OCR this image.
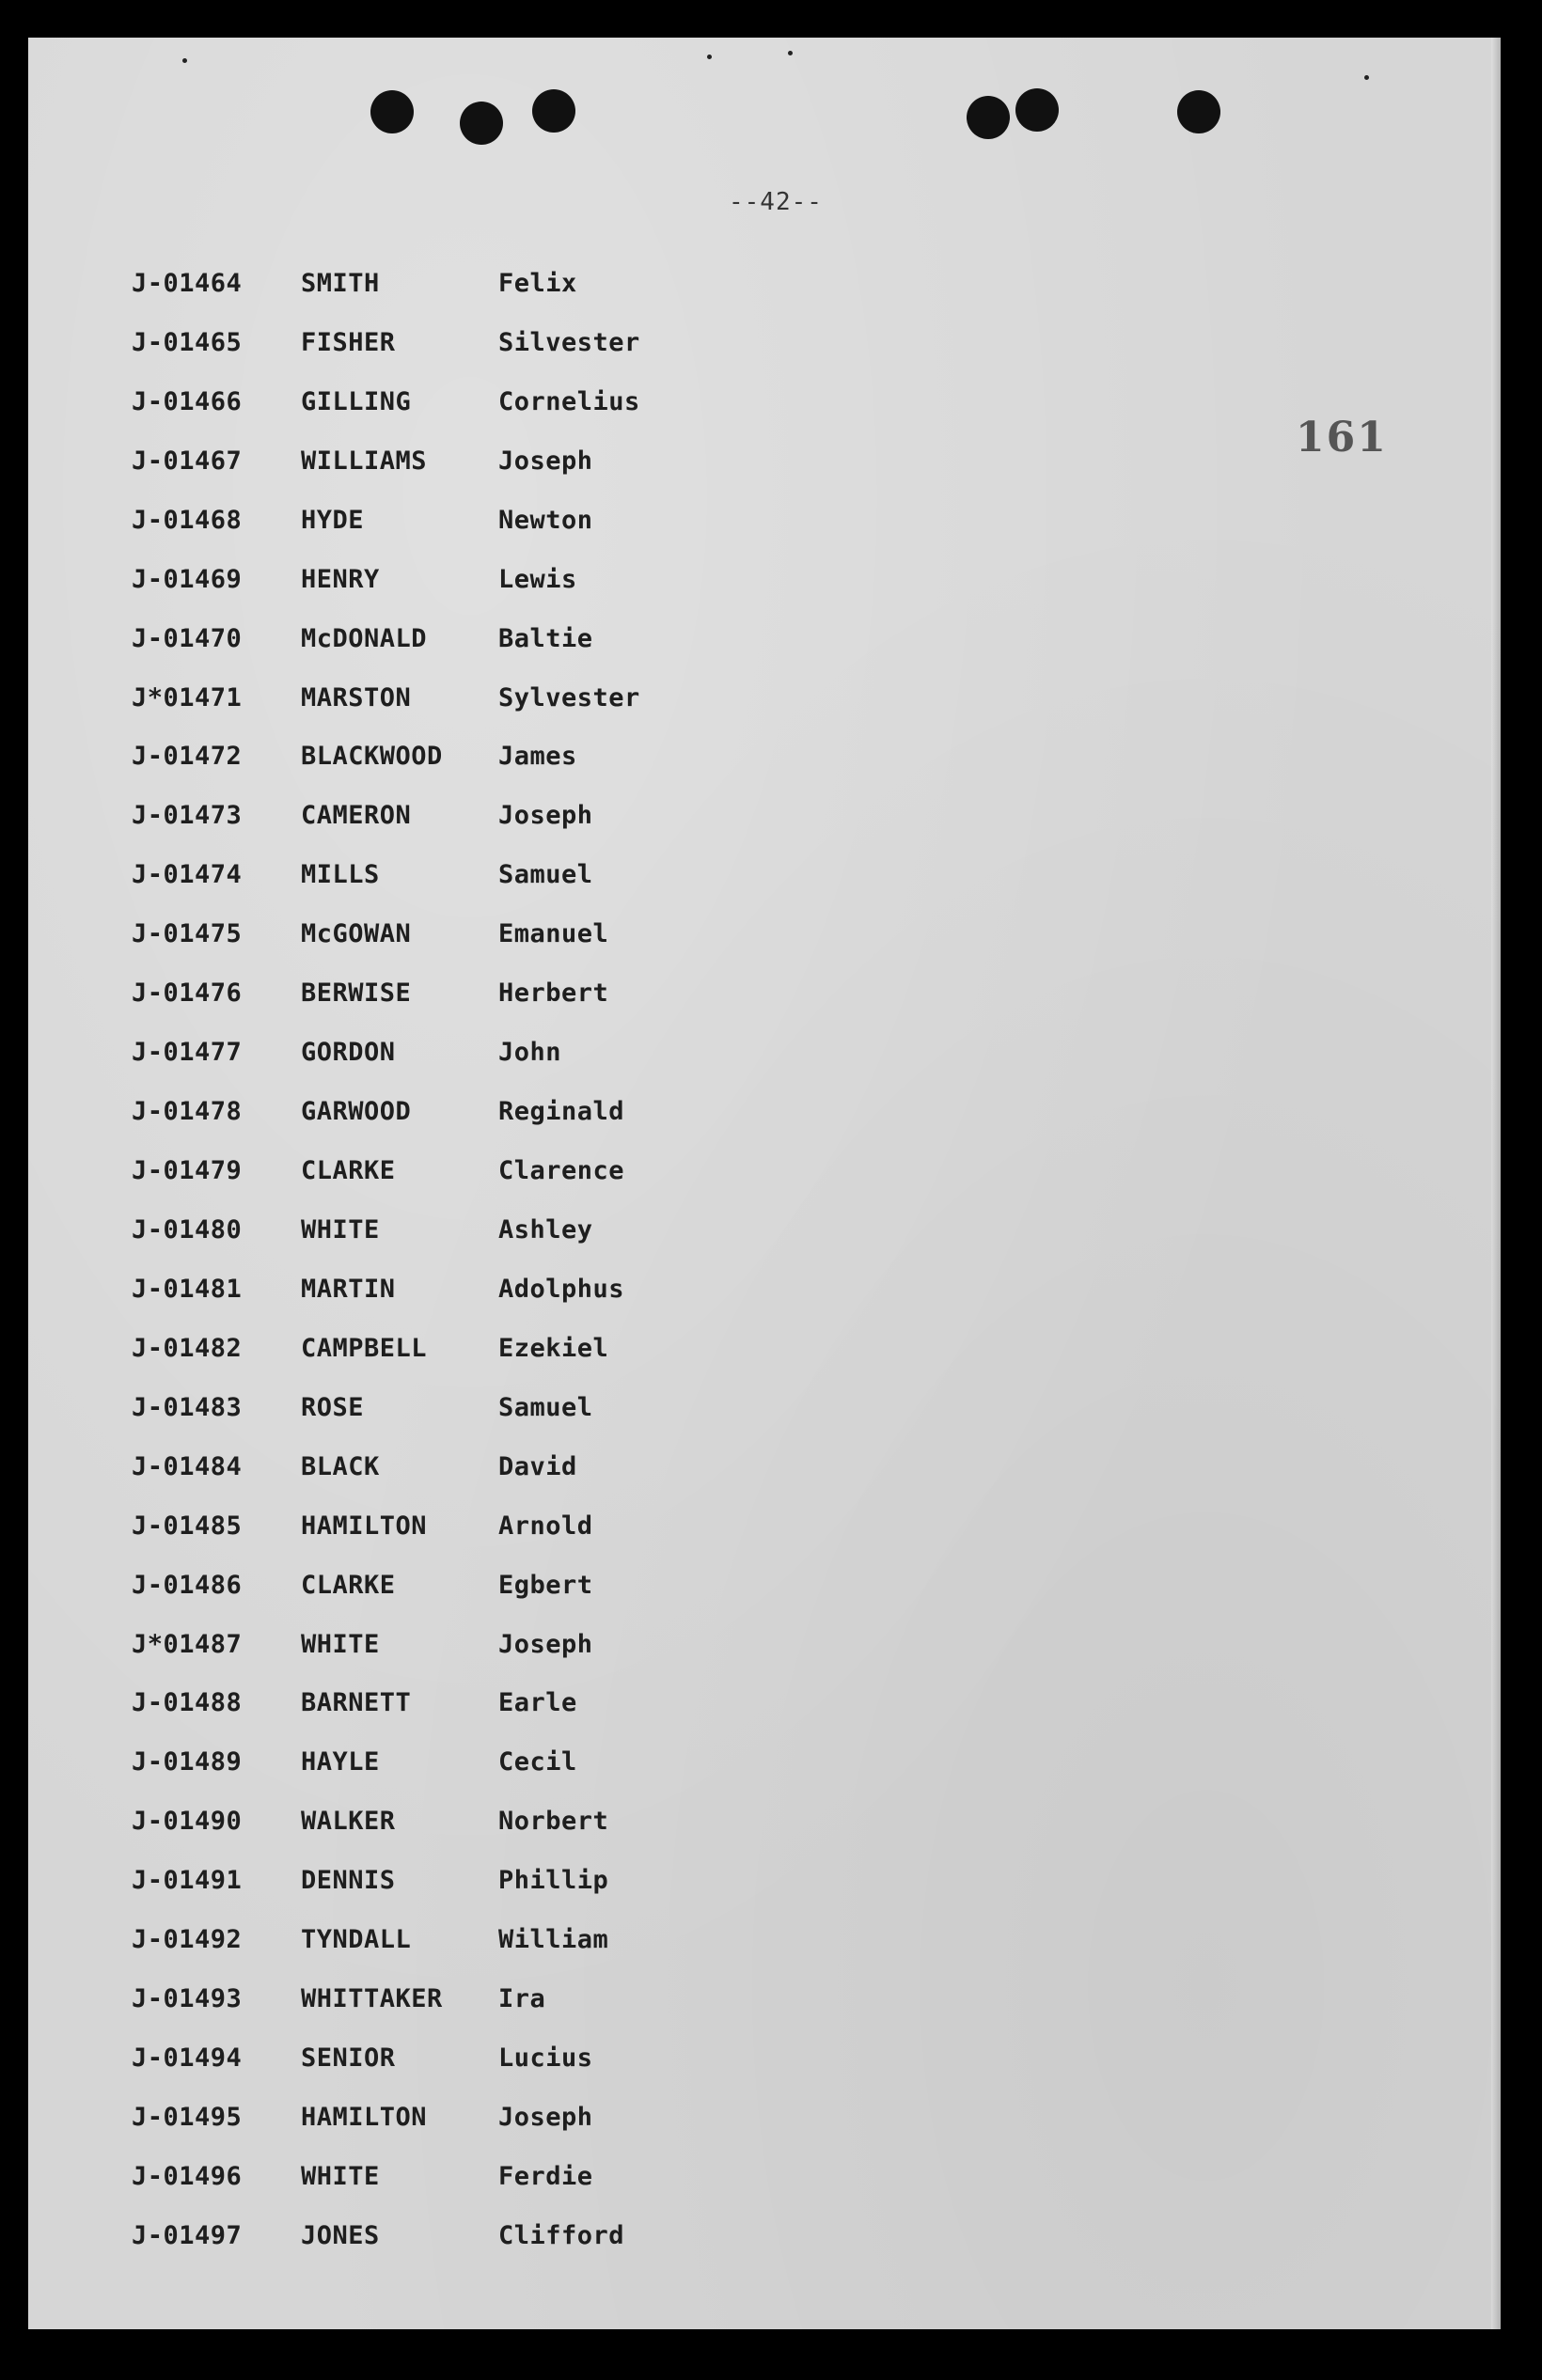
--42--
161
J-01464	SMITH	Felix
J-01465	FISHER	Silvester
J-01466	GILLING	Cornelius
J-01467	WILLIAMS	Joseph
J-01468	HYDE	Newton
J-01469	HENRY	Lewis
J-01470	McDONALD	Baltie
J*01471	MARSTON	Sylvester
J-01472	BLACKWOOD	James
J-01473	CAMERON	Joseph
J-01474	MILLS	Samuel
J-01475	McGOWAN	Emanuel
J-01476	BERWISE	Herbert
J-01477	GORDON	John
J-01478	GARWOOD	Reginald
J-01479	CLARKE	Clarence
J-01480	WHITE	Ashley
J-01481	MARTIN	Adolphus
J-01482	CAMPBELL	Ezekiel
J-01483	ROSE	Samuel
J-01484	BLACK	David
J-01485	HAMILTON	Arnold
J-01486	CLARKE	Egbert
J*01487	WHITE	Joseph
J-01488	BARNETT	Earle
J-01489	HAYLE	Cecil
J-01490	WALKER	Norbert
J-01491	DENNIS	Phillip
J-01492	TYNDALL	William
J-01493	WHITTAKER	Ira
J-01494	SENIOR	Lucius
J-01495	HAMILTON	Joseph
J-01496	WHITE	Ferdie
J-01497	JONES	Clifford
